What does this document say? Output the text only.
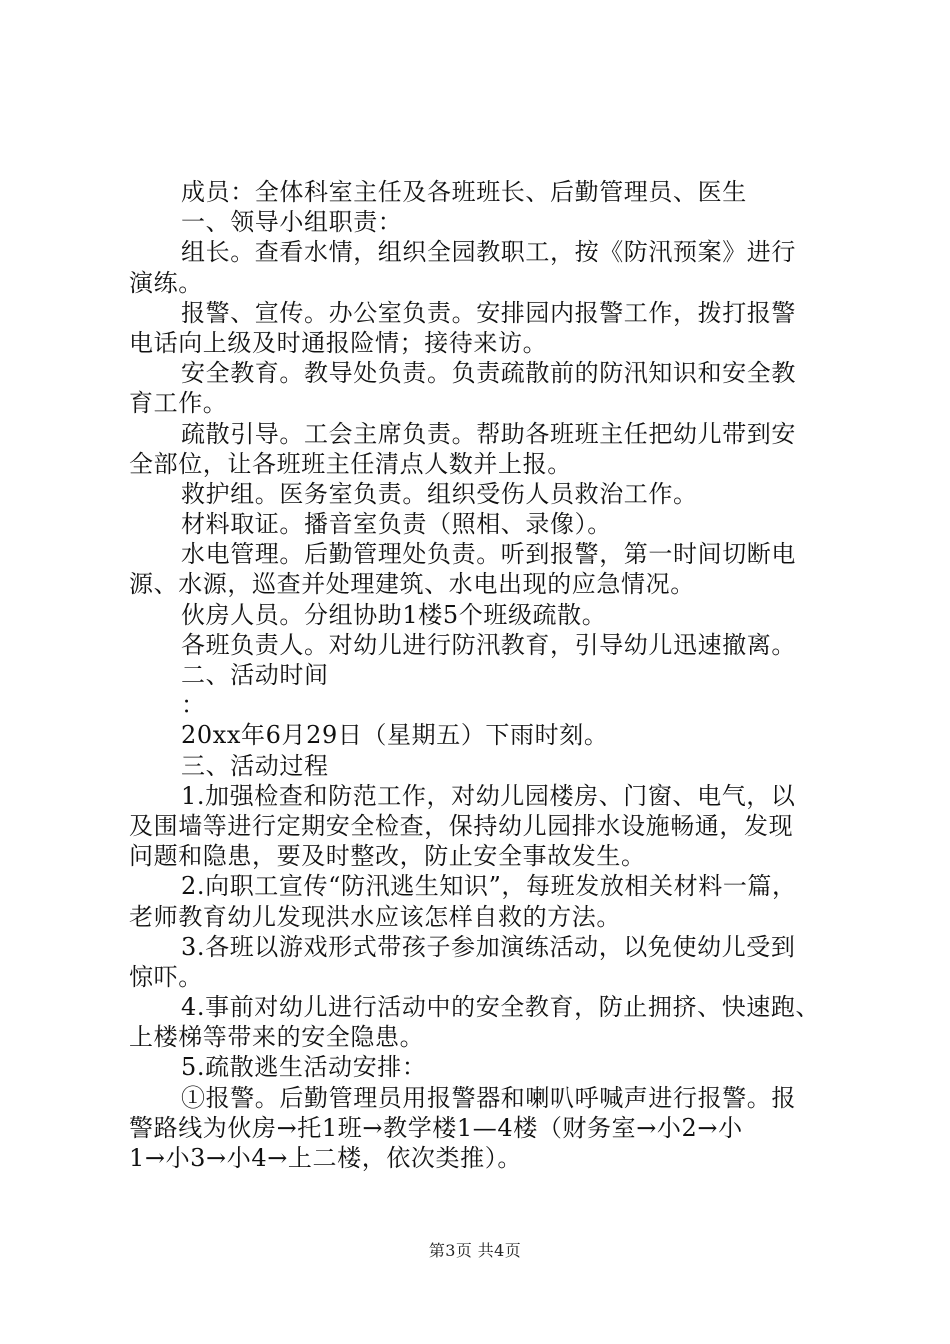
成员：全体科室主任及各班班长、后勤管理员、医生
一、领导小组职责：
组长。查看水情，组织全园教职工，按《防汛预案》进行
演练。
报警、宣传。办公室负责。安排园内报警工作，拨打报警
电话向上级及时通报险情；接待来访。
安全教育。教导处负责。负责疏散前的防汛知识和安全教
育工作。
疏散引导。工会主席负责。帮助各班班主任把幼儿带到安
全部位，让各班班主任清点人数并上报。
救护组。医务室负责。组织受伤人员救治工作。
材料取证。播音室负责（照相、录像）。
水电管理。后勤管理处负责。听到报警，第一时间切断电
源、水源，巡查并处理建筑、水电出现的应急情况。
伙房人员。分组协助1楼5个班级疏散。
各班负责人。对幼儿进行防汛教育，引导幼儿迅速撤离。
二、活动时间
：
20xx年6月29日（星期五）下雨时刻。
三、活动过程
1.加强检查和防范工作，对幼儿园楼房、门窗、电气，以
及围墙等进行定期安全检查，保持幼儿园排水设施畅通，发现
问题和隐患，要及时整改，防止安全事故发生。
2.向职工宣传“防汛逃生知识”，每班发放相关材料一篇，
老师教育幼儿发现洪水应该怎样自救的方法。
3.各班以游戏形式带孩子参加演练活动，以免使幼儿受到
惊吓。
4.事前对幼儿进行活动中的安全教育，防止拥挤、快速跑、
上楼梯等带来的安全隐患。
5.疏散逃生活动安排：
①报警。后勤管理员用报警器和喇叭呼喊声进行报警。报
警路线为伙房→托1班→教学楼1—4楼（财务室→小2→小
1→小3→小4→上二楼，依次类推）。
第3页 共4页
